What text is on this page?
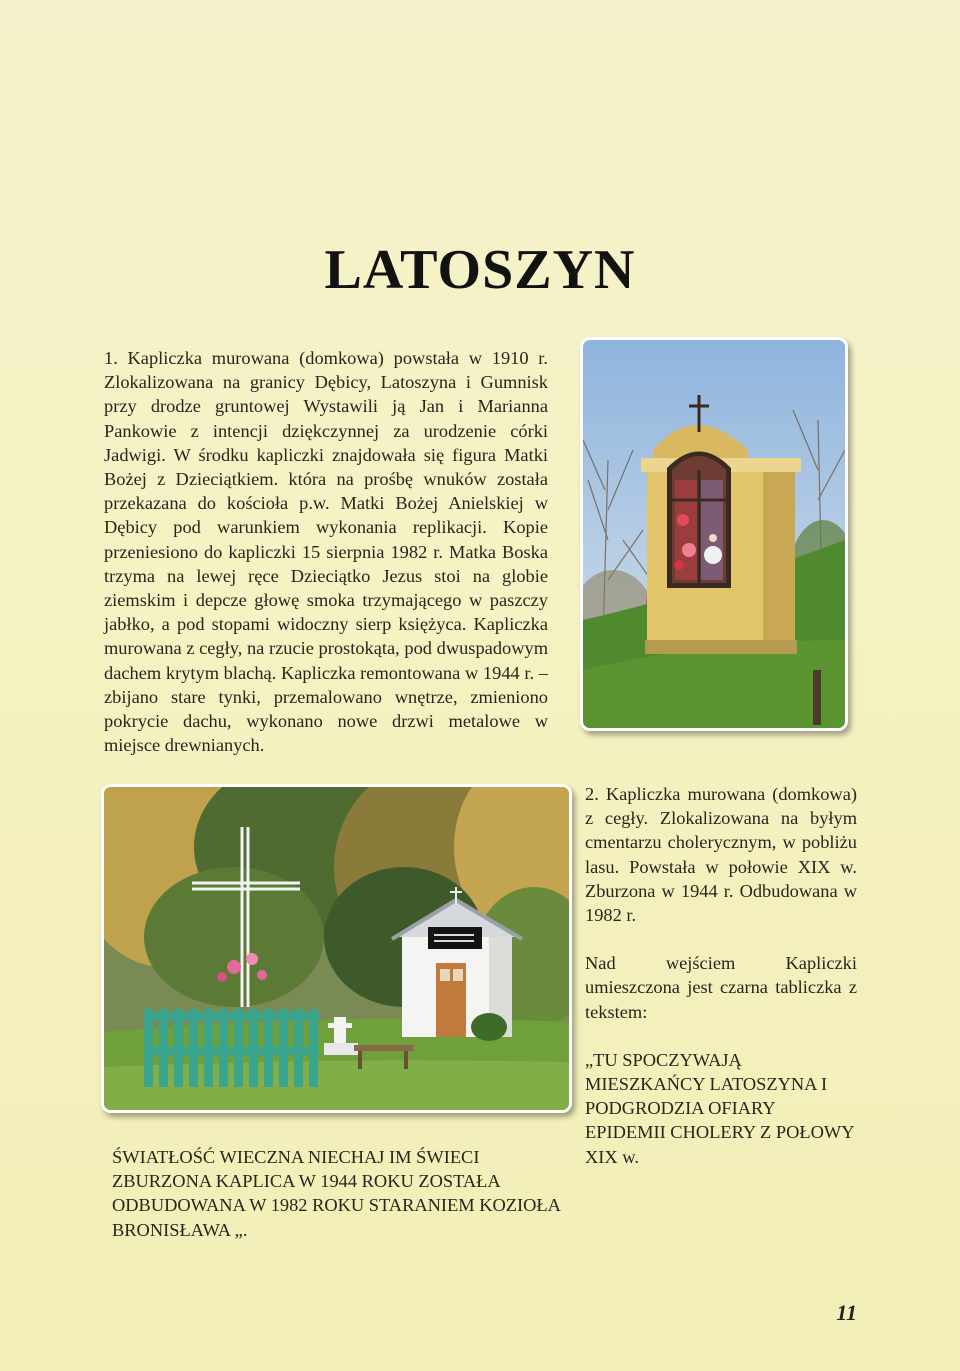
LATOSZYN

1. Kapliczka murowana (domkowa) powstała w 1910 r. Zlokalizowana na granicy Dębicy, Latoszyna i Gumnisk przy drodze gruntowej Wystawili ją Jan i Marianna Pankowie z intencji dziękczynnej za urodzenie córki Jadwigi. W środku kapliczki znajdowała się figura Matki Bożej z Dzieciątkiem. która na prośbę wnuków została przekazana do kościoła p.w. Matki Bożej Anielskiej w Dębicy pod warunkiem wykonania replikacji. Kopie przeniesiono do kapliczki 15 sierpnia 1982 r. Matka Boska trzyma na lewej ręce Dzieciątko Jezus stoi na globie ziemskim i depcze głowę smoka trzymającego w paszczy jabłko, a pod stopami widoczny sierp księżyca. Kapliczka murowana z cegły, na rzucie prostokąta, pod dwuspadowym dachem krytym blachą. Kapliczka remontowana w 1944 r. – zbijano stare tynki, przemalowano wnętrze, zmieniono pokrycie dachu, wykonano nowe drzwi metalowe w miejsce drewnianych.

2. Kapliczka murowana (domkowa) z cegły. Zlokalizowana na byłym cmentarzu cholerycznym, w pobliżu lasu. Powstała w połowie XIX w. Zburzona w 1944 r. Odbudowana w 1982 r.

Nad wejściem Kapliczki umieszczona jest czarna tabliczka z tekstem:

„TU SPOCZYWAJĄ MIESZKAŃCY LATOSZYNA I PODGRODZIA OFIARY EPIDEMII CHOLERY Z POŁOWY XIX w.

ŚWIATŁOŚĆ WIECZNA NIECHAJ IM ŚWIECI
ZBURZONA KAPLICA W 1944 ROKU ZOSTAŁA ODBUDOWANA W 1982 ROKU STARANIEM KOZIOŁA BRONISŁAWA „.

11
